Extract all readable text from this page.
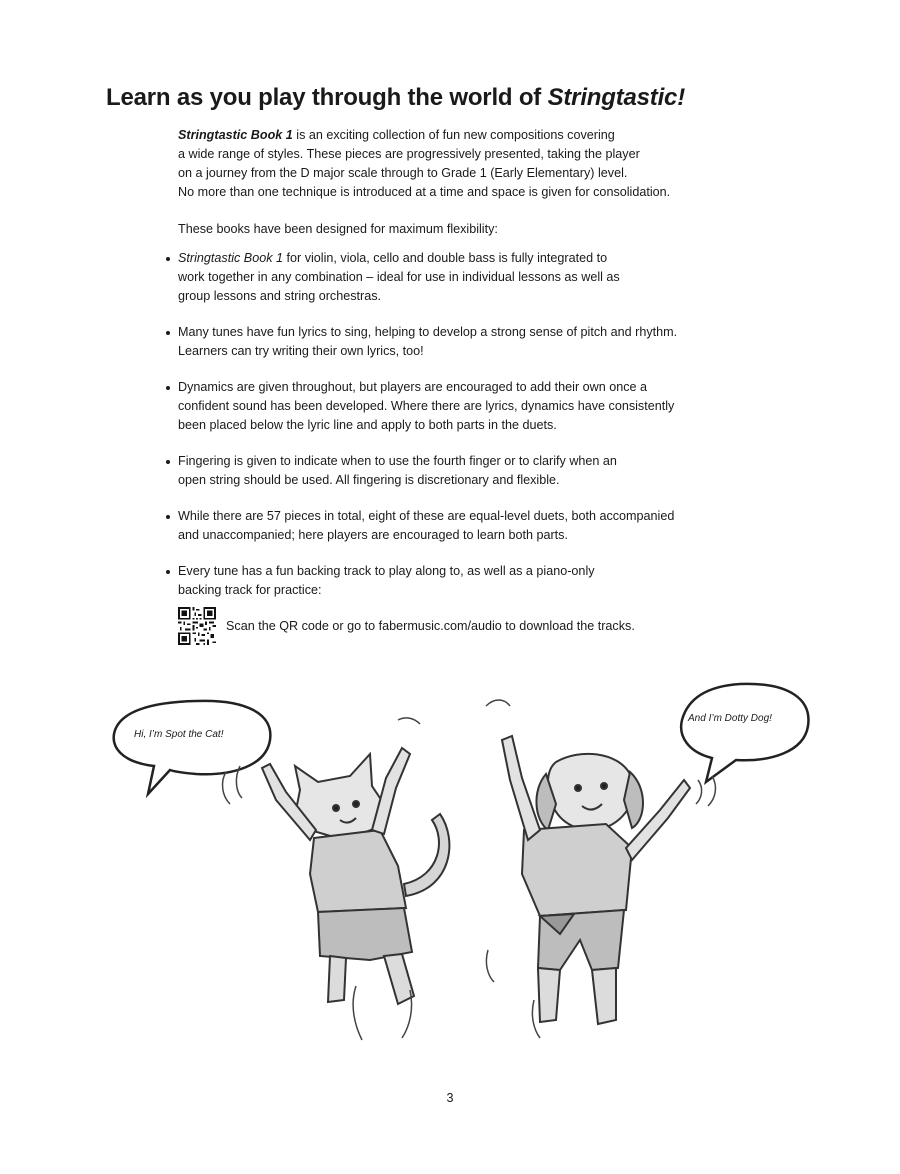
Learn as you play through the world of Stringtastic!

Stringtastic Book 1 is an exciting collection of fun new compositions covering
a wide range of styles. These pieces are progressively presented, taking the player
on a journey from the D major scale through to Grade 1 (Early Elementary) level.
No more than one technique is introduced at a time and space is given for consolidation.

These books have been designed for maximum flexibility:

Stringtastic Book 1 for violin, viola, cello and double bass is fully integrated to
work together in any combination – ideal for use in individual lessons as well as
group lessons and string orchestras.
Many tunes have fun lyrics to sing, helping to develop a strong sense of pitch and rhythm.
Learners can try writing their own lyrics, too!
Dynamics are given throughout, but players are encouraged to add their own once a
confident sound has been developed. Where there are lyrics, dynamics have consistently
been placed below the lyric line and apply to both parts in the duets.
Fingering is given to indicate when to use the fourth finger or to clarify when an
open string should be used. All fingering is discretionary and flexible.
While there are 57 pieces in total, eight of these are equal-level duets, both accompanied
and unaccompanied; here players are encouraged to learn both parts.
Every tune has a fun backing track to play along to, as well as a piano-only
backing track for practice:
Scan the QR code or go to fabermusic.com/audio to download the tracks.
Hi, I’m Spot the Cat!
And I’m Dotty Dog!
3
